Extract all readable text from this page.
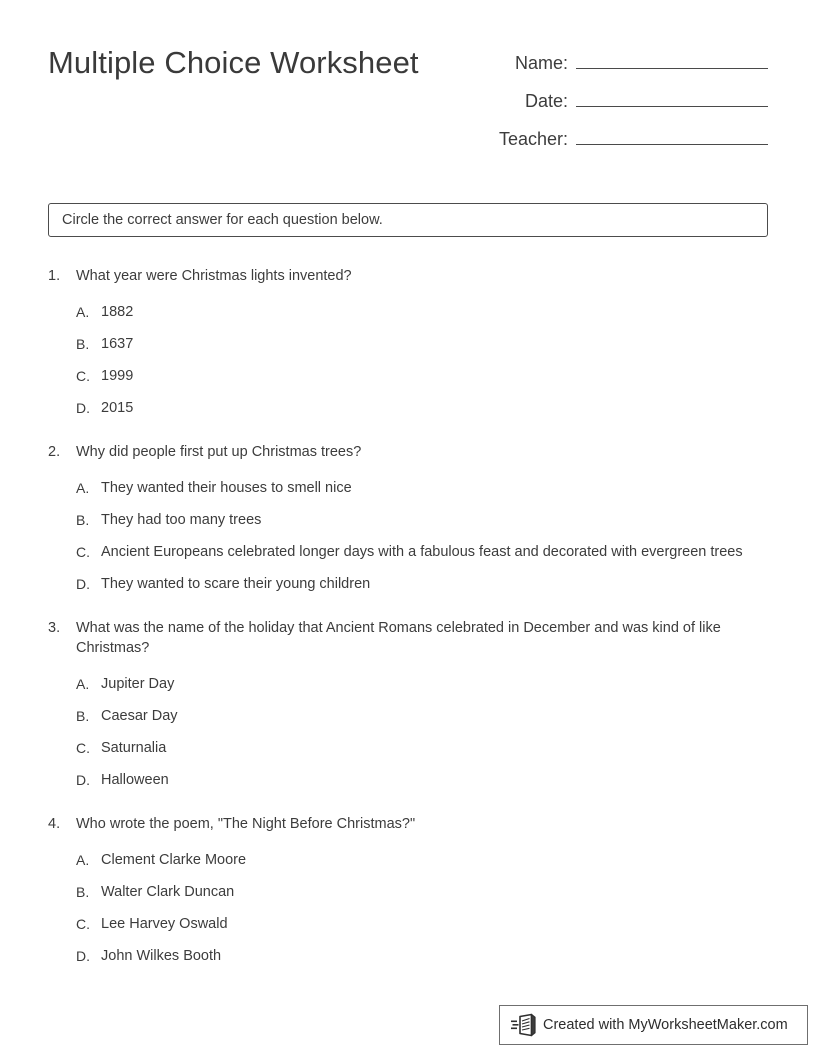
Multiple Choice Worksheet	Name:
Date:
Teacher:
Circle the correct answer for each question below.
1.	What year were Christmas lights invented?
A. 1882
B. 1637
C. 1999
D. 2015
2.	Why did people first put up Christmas trees?
A. They wanted their houses to smell nice
B. They had too many trees
C. Ancient Europeans celebrated longer days with a fabulous feast and decorated with evergreen trees
D. They wanted to scare their young children
3.	What was the name of the holiday that Ancient Romans celebrated in December and was kind of like Christmas?
A. Jupiter Day
B. Caesar Day
C. Saturnalia
D. Halloween
4.	Who wrote the poem, "The Night Before Christmas?"
A. Clement Clarke Moore
B. Walter Clark Duncan
C. Lee Harvey Oswald
D. John Wilkes Booth
Created with MyWorksheetMaker.com
